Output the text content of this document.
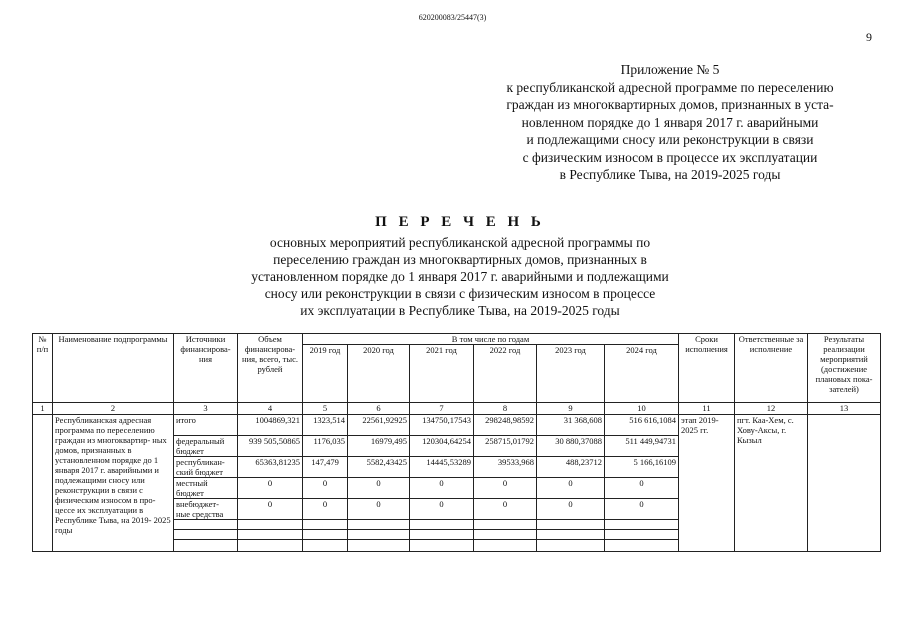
620200083/25447(3)
9
Приложение № 5
к республиканской адресной программе по переселению
граждан из многоквартирных домов, признанных в уста-
новленном порядке до 1 января 2017 г. аварийными
и подлежащими сносу или реконструкции в связи
с физическим износом в процессе их эксплуатации
в Республике Тыва, на 2019-2025 годы
П Е Р Е Ч Е Н Ь
основных мероприятий республиканской адресной программы по
переселению граждан из многоквартирных домов, признанных в
установленном порядке до 1 января 2017 г. аварийными и подлежащими
сносу или реконструкции в связи с физическим износом в процессе
их эксплуатации в Республике Тыва, на 2019-2025 годы
№ п/п	Наименование подпрограммы	Источники финансирова- ния	Объем финансирова- ния, всего, тыс. рублей	В том числе по годам						Сроки исполнения	Ответственные за исполнение	Результаты реализации мероприятий (достижение плановых пока- зателей)
				2019 год	2020 год	2021 год	2022 год	2023 год	2024 год			
1	2	3	4	5	6	7	8	9	10	11	12	13
	Республиканская адресная программа по переселению граждан из многоквартир- ных домов, признанных в установленном порядке до 1 января 2017 г. аварийными и подлежащими сносу или реконструкции в связи с физическим износом в про- цессе их эксплуатации в Республике Тыва, на 2019- 2025 годы	итого	1004869,321	1323,514	22561,92925	134750,17543	298248,98592	31 368,608	516 616,1084	этап 2019- 2025 гг.	пгт. Каа-Хем, с. Хову-Аксы, г. Кызыл	
		федеральный бюджет	939 505,50865	1176,035	16979,495	120304,64254	258715,01792	30 880,37088	511 449,94731			
		республикан- ский бюджет	65363,81235	147,479	5582,43425	14445,53289	39533,968	488,23712	5 166,16109			
		местный бюджет	0	0	0	0	0	0	0			
		внебюджет- ные средства	0	0	0	0	0	0	0			
